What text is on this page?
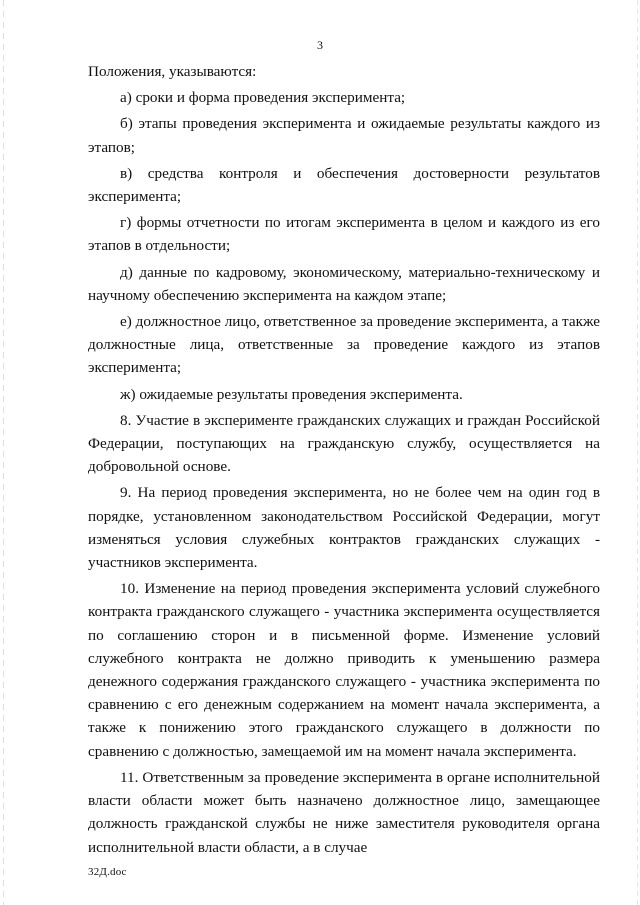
3

Положения, указываются:

а) сроки и форма проведения эксперимента;

б) этапы проведения эксперимента и ожидаемые результаты каждого из этапов;

в) средства контроля и обеспечения достоверности результатов эксперимента;

г) формы отчетности по итогам эксперимента в целом и каждого из его этапов в отдельности;

д) данные по кадровому, экономическому, материально-техническому и научному обеспечению эксперимента на каждом этапе;

е) должностное лицо, ответственное за проведение эксперимента, а также должностные лица, ответственные за проведение каждого из этапов эксперимента;

ж) ожидаемые результаты проведения эксперимента.

8. Участие в эксперименте гражданских служащих и граждан Российской Федерации, поступающих на гражданскую службу, осуществляется на добровольной основе.

9. На период проведения эксперимента, но не более чем на один год в порядке, установленном законодательством Российской Федерации, могут изменяться условия служебных контрактов гражданских служащих - участников эксперимента.

10. Изменение на период проведения эксперимента условий служебного контракта гражданского служащего - участника эксперимента осуществляется по соглашению сторон и в письменной форме. Изменение условий служебного контракта не должно приводить к уменьшению размера денежного содержания гражданского служащего - участника эксперимента по сравнению с его денежным содержанием на момент начала эксперимента, а также к понижению этого гражданского служащего в должности по сравнению с должностью, замещаемой им на момент начала эксперимента.

11. Ответственным за проведение эксперимента в органе исполнительной власти области может быть назначено должностное лицо, замещающее должность гражданской службы не ниже заместителя руководителя органа исполнительной власти области, а в случае

32Д.doc
